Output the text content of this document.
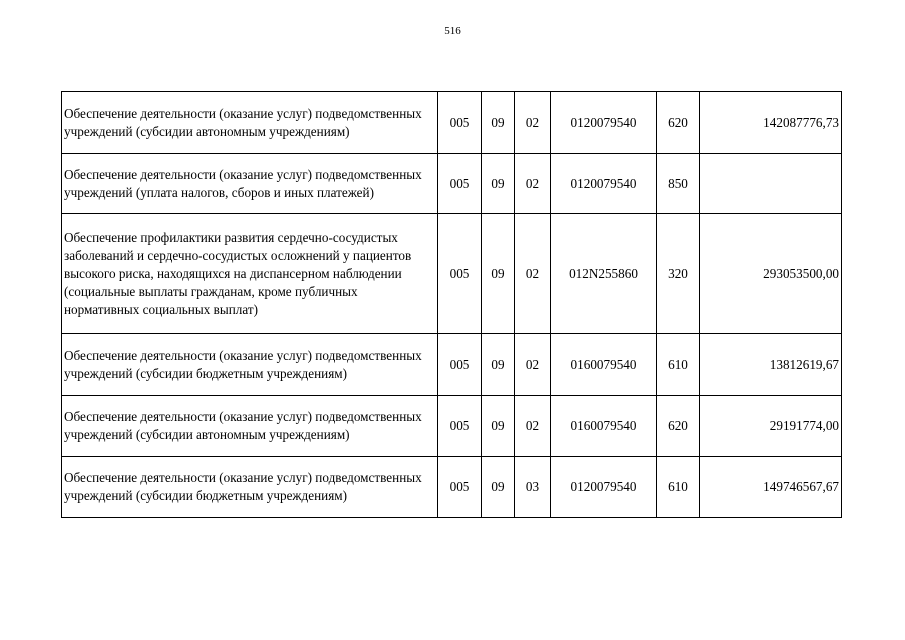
516
Обеспечение деятельности (оказание услуг) подведомственных учреждений (субсидии автономным учреждениям)	005	09	02	0120079540	620	142087776,73
Обеспечение деятельности (оказание услуг) подведомственных учреждений (уплата налогов, сборов и иных платежей)	005	09	02	0120079540	850	
Обеспечение профилактики развития сердечно-сосудистых заболеваний и сердечно-сосудистых осложнений у пациентов высокого риска, находящихся на диспансерном наблюдении (социальные выплаты гражданам, кроме публичных нормативных социальных выплат)	005	09	02	012N255860	320	293053500,00
Обеспечение деятельности (оказание услуг) подведомственных учреждений (субсидии бюджетным учреждениям)	005	09	02	0160079540	610	13812619,67
Обеспечение деятельности (оказание услуг) подведомственных учреждений (субсидии автономным учреждениям)	005	09	02	0160079540	620	29191774,00
Обеспечение деятельности (оказание услуг) подведомственных учреждений (субсидии бюджетным учреждениям)	005	09	03	0120079540	610	149746567,67
